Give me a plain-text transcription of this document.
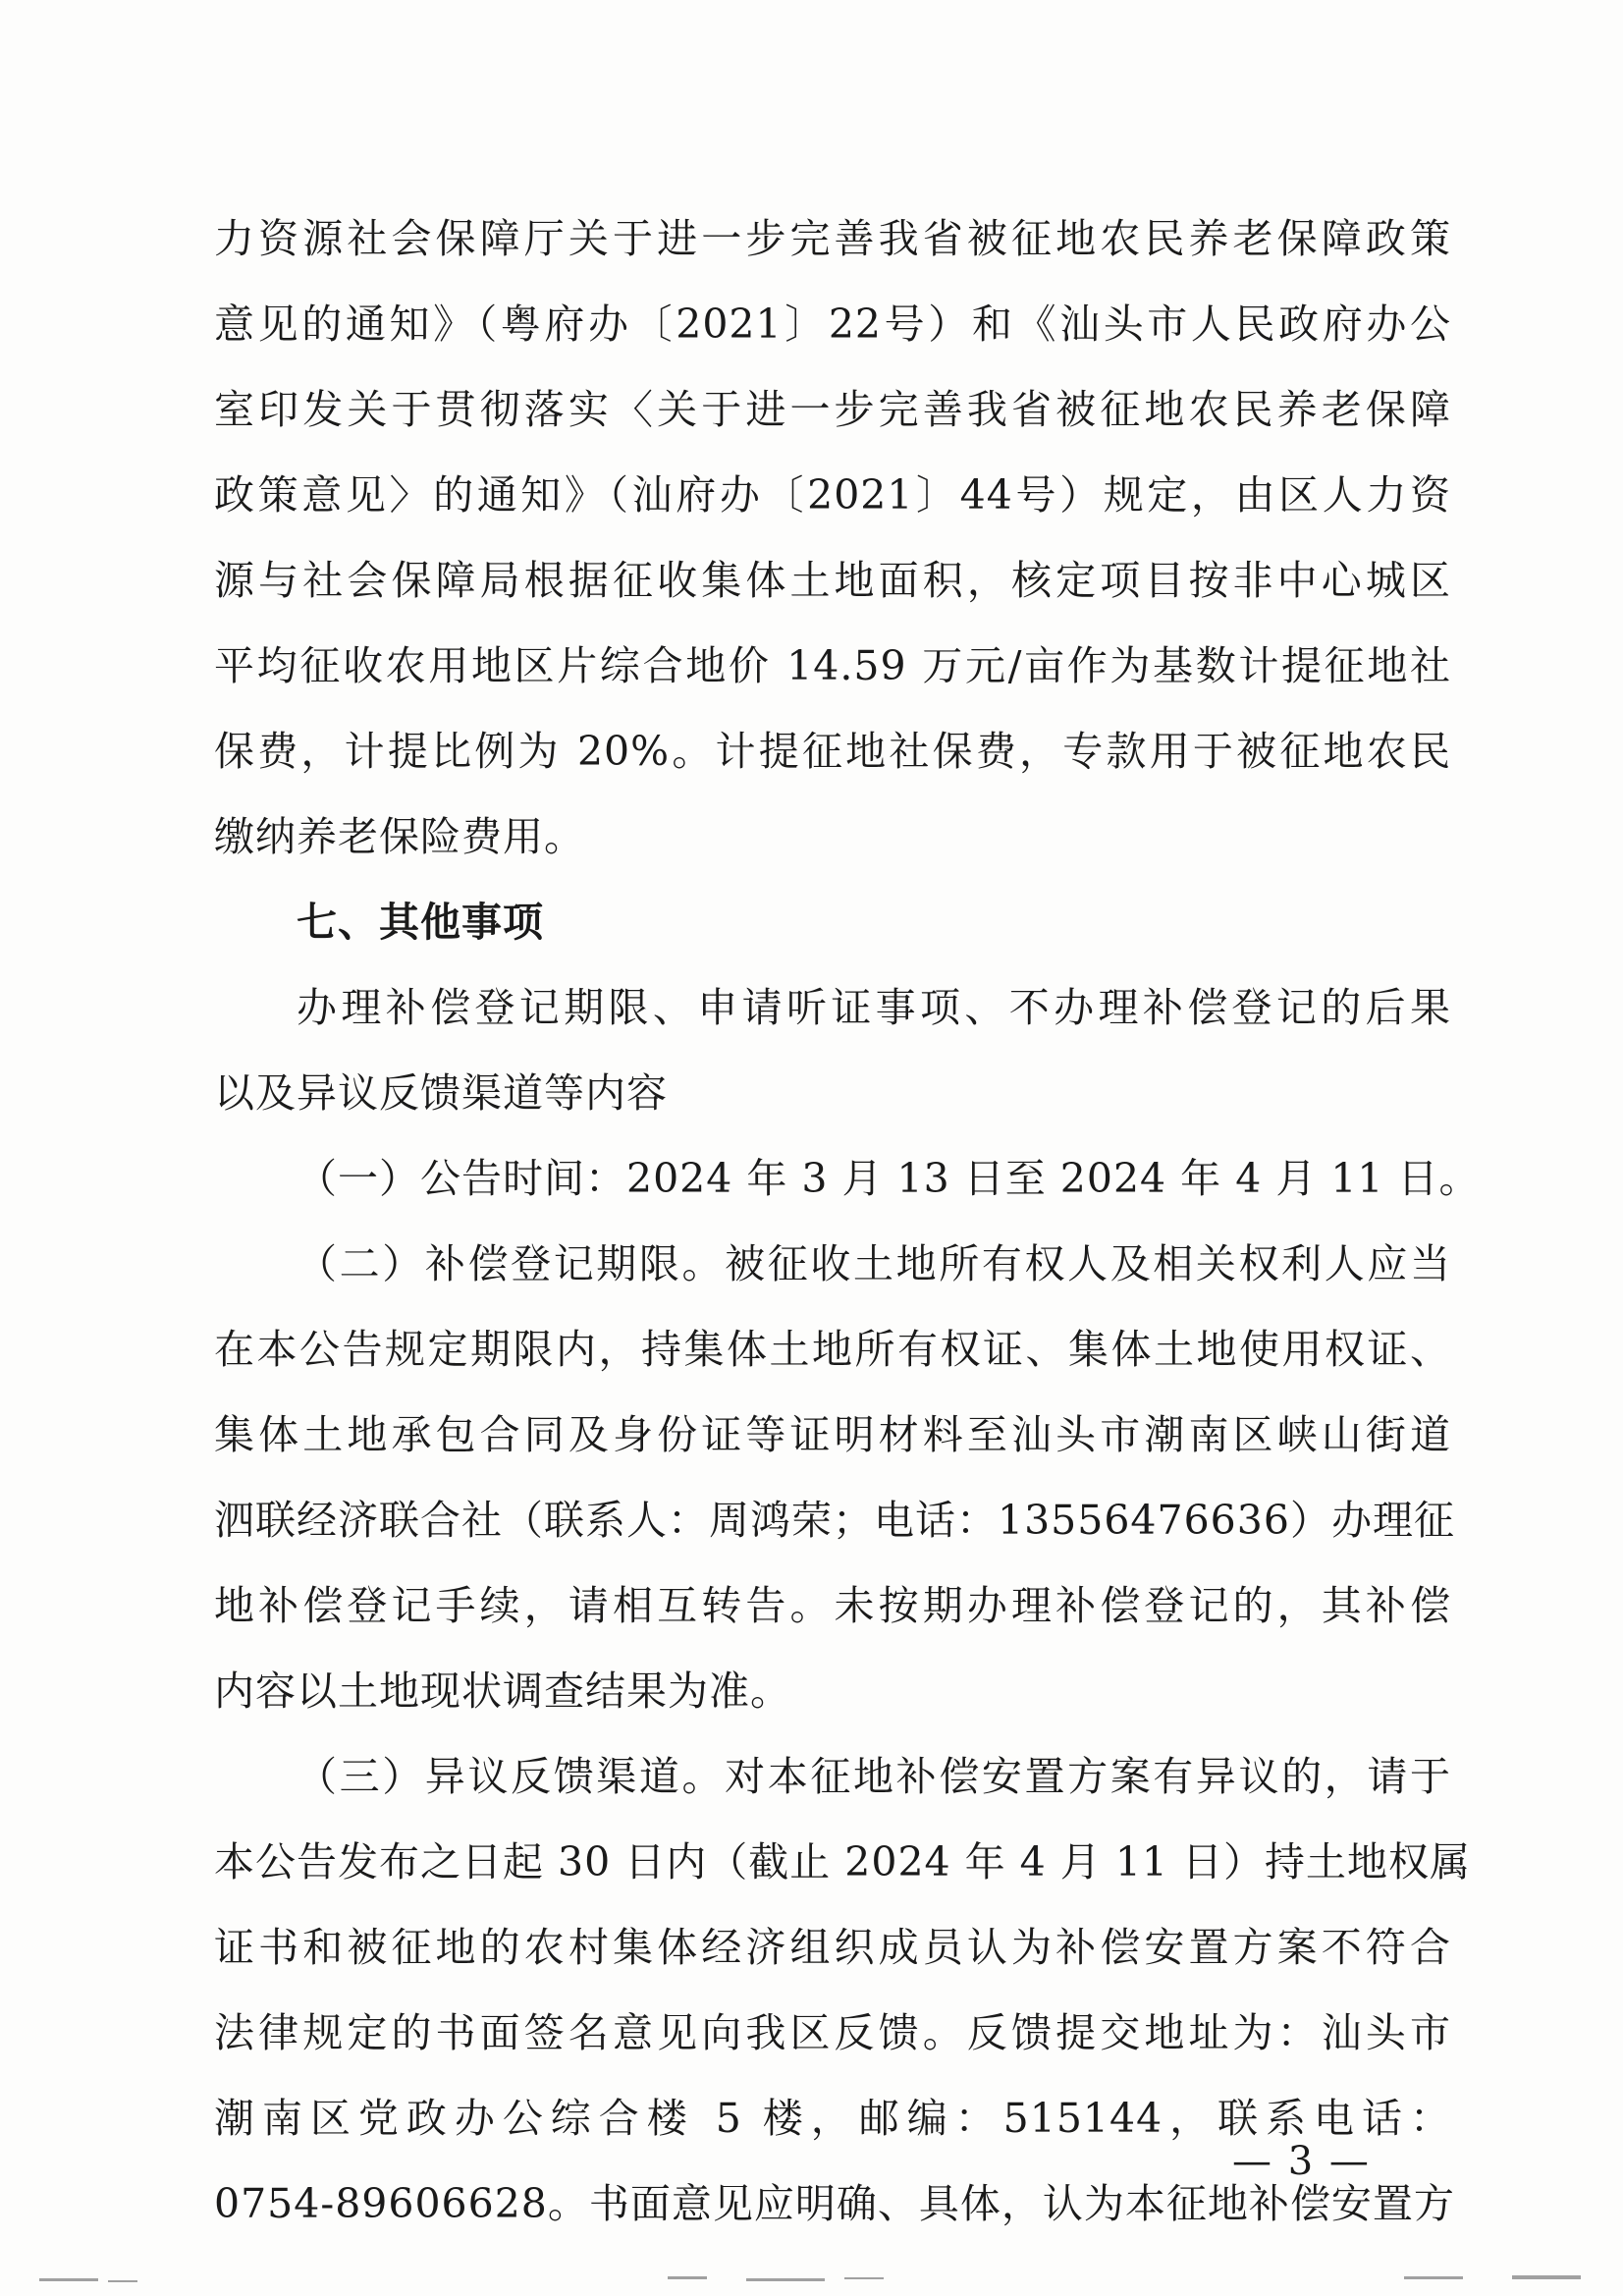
力资源社会保障厅关于进一步完善我省被征地农民养老保障政策
意见的通知》（粤府办〔2021〕22号）和《汕头市人民政府办公
室印发关于贯彻落实〈关于进一步完善我省被征地农民养老保障
政策意见〉的通知》（汕府办〔2021〕44号）规定，由区人力资
源与社会保障局根据征收集体土地面积，核定项目按非中心城区
平均征收农用地区片综合地价 14.59 万元/亩作为基数计提征地社
保费，计提比例为 20%。计提征地社保费，专款用于被征地农民
缴纳养老保险费用。
七、其他事项
办理补偿登记期限、申请听证事项、不办理补偿登记的后果
以及异议反馈渠道等内容
（一）公告时间：2024 年 3 月 13 日至 2024 年 4 月 11 日。
（二）补偿登记期限。被征收土地所有权人及相关权利人应当
在本公告规定期限内，持集体土地所有权证、集体土地使用权证、
集体土地承包合同及身份证等证明材料至汕头市潮南区峡山街道
泗联经济联合社（联系人：周鸿荣；电话：13556476636）办理征
地补偿登记手续，请相互转告。未按期办理补偿登记的，其补偿
内容以土地现状调查结果为准。
（三）异议反馈渠道。对本征地补偿安置方案有异议的，请于
本公告发布之日起 30 日内（截止 2024 年 4 月 11 日）持土地权属
证书和被征地的农村集体经济组织成员认为补偿安置方案不符合
法律规定的书面签名意见向我区反馈。反馈提交地址为：汕头市
潮南区党政办公综合楼 5 楼，邮编：515144，联系电话：
0754-89606628。书面意见应明确、具体，认为本征地补偿安置方
— 3 —
